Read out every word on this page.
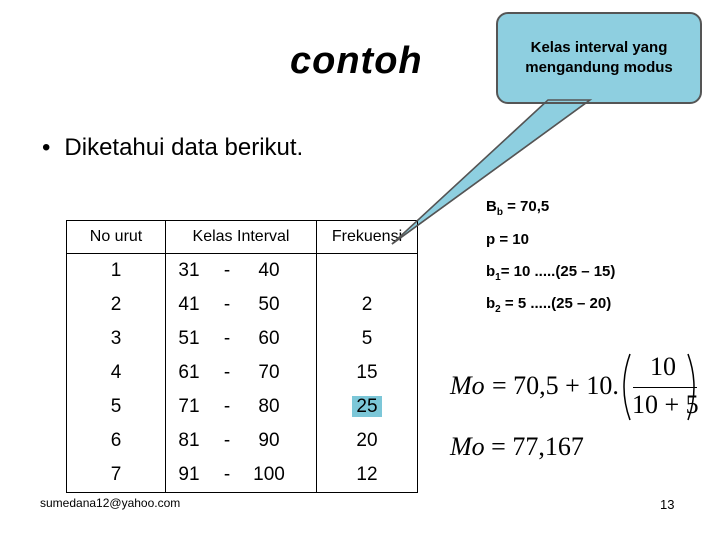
contoh	Kelas interval yang mengandung modus
• Diketahui data berikut.
No urut	Kelas Interval	Frekuensi
1	31 - 40	

2	41 - 50	2
3	51 - 60	5
4	61 - 70	15
5	71 - 80	25
6	81 - 90	20
7	91 - 100	12
$B_b = 70,5$
p = 10
$b_1= 10$ .....(25 – 15)
$b_2 = 5$ .....(25 – 20)
Mo = 70,5 + 10.
10
10 + 5
Mo = 77,167
sumedana12@yahoo.com	13
